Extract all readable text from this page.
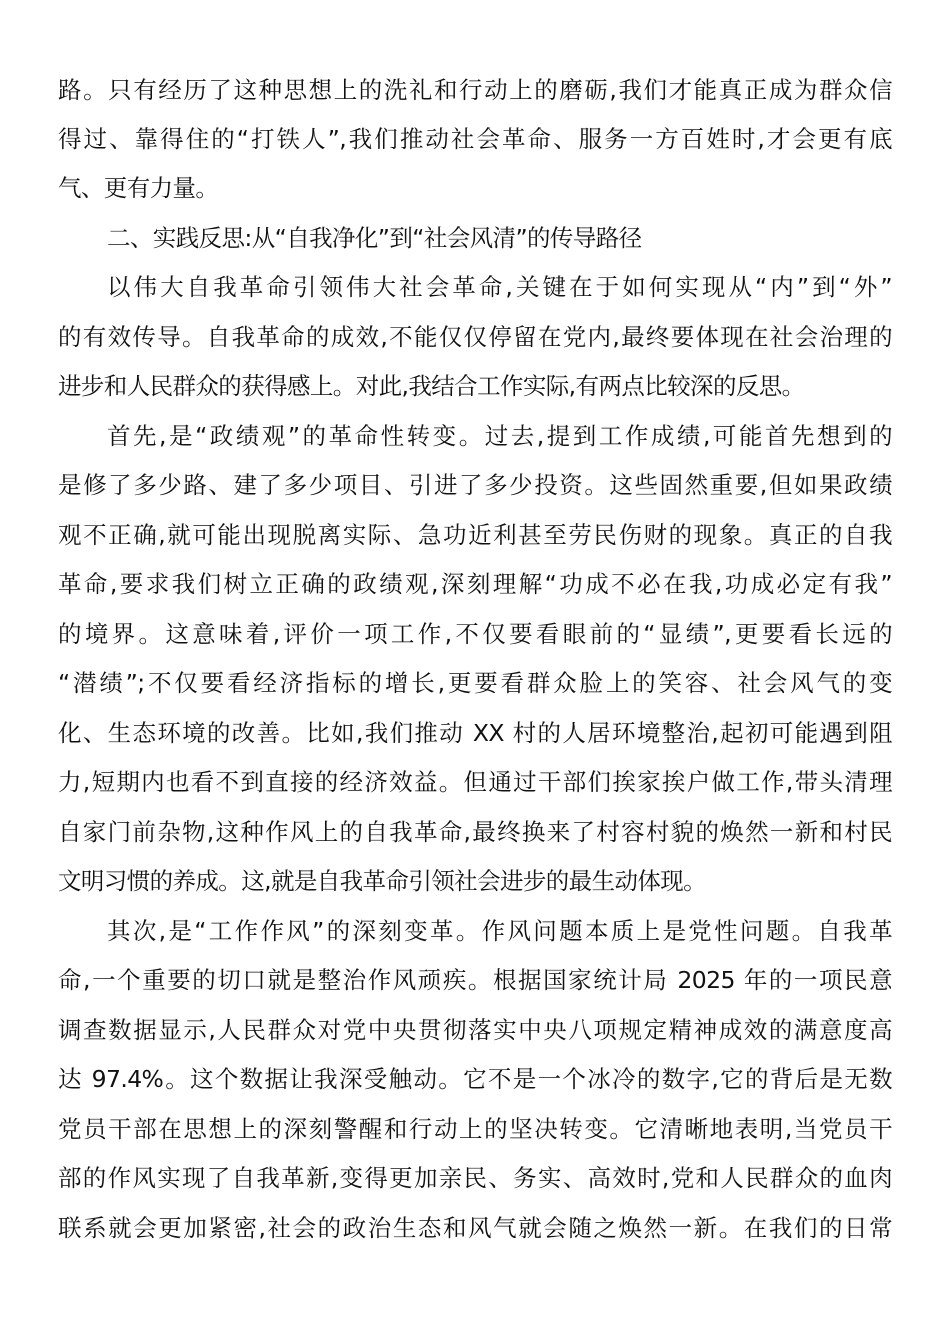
路。只有经历了这种思想上的洗礼和行动上的磨砺,我们才能真正成为群众信
得过、靠得住的“打铁人”,我们推动社会革命、服务一方百姓时,才会更有底
气、更有力量。
二、实践反思:从“自我净化”到“社会风清”的传导路径
以伟大自我革命引领伟大社会革命,关键在于如何实现从“内”到“外”
的有效传导。自我革命的成效,不能仅仅停留在党内,最终要体现在社会治理的
进步和人民群众的获得感上。对此,我结合工作实际,有两点比较深的反思。
首先,是“政绩观”的革命性转变。过去,提到工作成绩,可能首先想到的
是修了多少路、建了多少项目、引进了多少投资。这些固然重要,但如果政绩
观不正确,就可能出现脱离实际、急功近利甚至劳民伤财的现象。真正的自我
革命,要求我们树立正确的政绩观,深刻理解“功成不必在我,功成必定有我”
的境界。这意味着,评价一项工作,不仅要看眼前的“显绩”,更要看长远的
“潜绩”;不仅要看经济指标的增长,更要看群众脸上的笑容、社会风气的变
化、生态环境的改善。比如,我们推动 XX 村的人居环境整治,起初可能遇到阻
力,短期内也看不到直接的经济效益。但通过干部们挨家挨户做工作,带头清理
自家门前杂物,这种作风上的自我革命,最终换来了村容村貌的焕然一新和村民
文明习惯的养成。这,就是自我革命引领社会进步的最生动体现。
其次,是“工作作风”的深刻变革。作风问题本质上是党性问题。自我革
命,一个重要的切口就是整治作风顽疾。根据国家统计局 2025 年的一项民意
调查数据显示,人民群众对党中央贯彻落实中央八项规定精神成效的满意度高
达 97.4%。这个数据让我深受触动。它不是一个冰冷的数字,它的背后是无数
党员干部在思想上的深刻警醒和行动上的坚决转变。它清晰地表明,当党员干
部的作风实现了自我革新,变得更加亲民、务实、高效时,党和人民群众的血肉
联系就会更加紧密,社会的政治生态和风气就会随之焕然一新。在我们的日常
